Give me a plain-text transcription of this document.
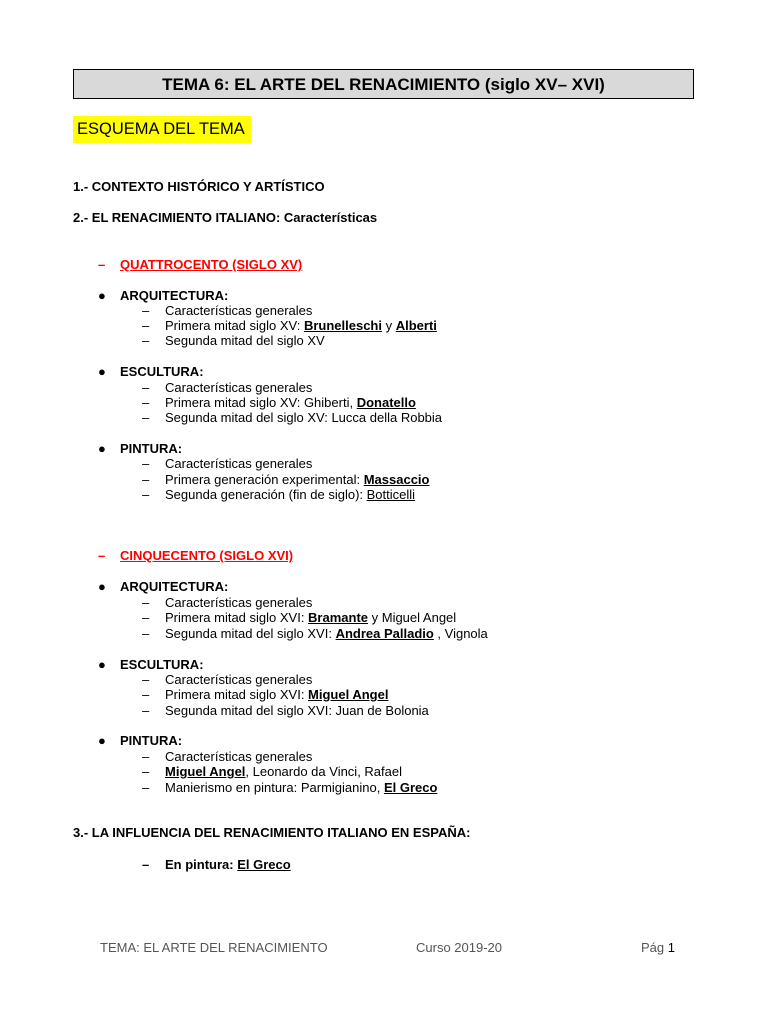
TEMA 6: EL ARTE DEL RENACIMIENTO (siglo XV– XVI)
ESQUEMA DEL TEMA
1.- CONTEXTO HISTÓRICO Y ARTÍSTICO
2.- EL RENACIMIENTO ITALIANO: Características
– QUATTROCENTO (SIGLO XV)
● ARQUITECTURA:
– Características generales
– Primera mitad siglo XV: Brunelleschi y Alberti
– Segunda mitad del siglo XV
● ESCULTURA:
– Características generales
– Primera mitad siglo XV: Ghiberti, Donatello
– Segunda mitad del siglo XV: Lucca della Robbia
● PINTURA:
– Características generales
– Primera generación experimental: Massaccio
– Segunda generación (fin de siglo): Botticelli
– CINQUECENTO (SIGLO XVI)
● ARQUITECTURA:
– Características generales
– Primera mitad siglo XVI: Bramante y Miguel Angel
– Segunda mitad del siglo XVI: Andrea Palladio , Vignola
● ESCULTURA:
– Características generales
– Primera mitad siglo XVI: Miguel Angel
– Segunda mitad del siglo XVI: Juan de Bolonia
● PINTURA:
– Características generales
– Miguel Angel, Leonardo da Vinci, Rafael
– Manierismo en pintura: Parmigianino, El Greco
3.- LA INFLUENCIA DEL RENACIMIENTO ITALIANO EN ESPAÑA:
– En pintura: El Greco
TEMA: EL ARTE DEL RENACIMIENTO	Curso 2019-20	Pág 1
